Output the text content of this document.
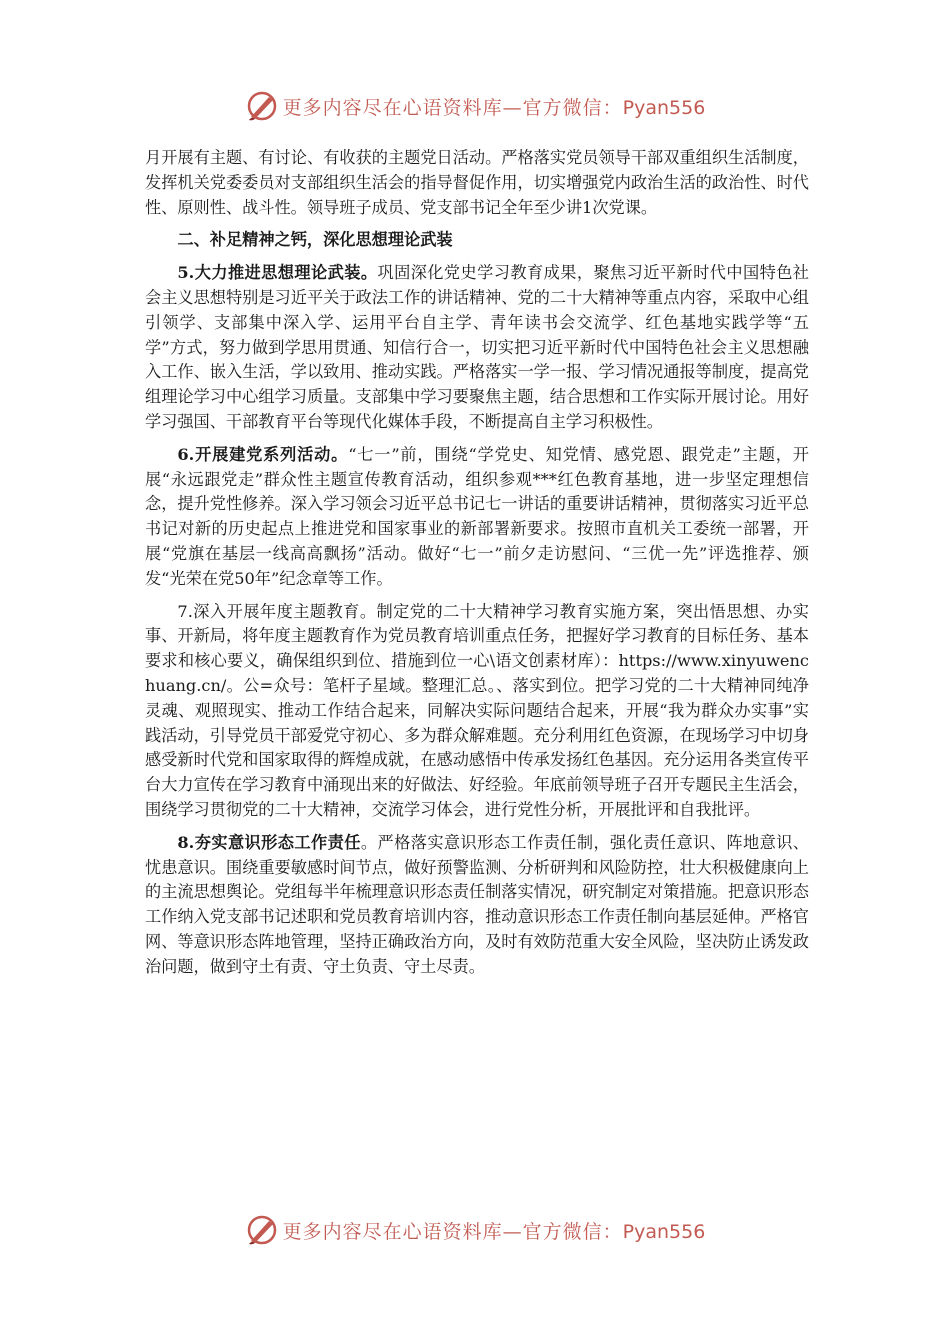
更多内容尽在心语资料库—官方微信：Pyan556

月开展有主题、有讨论、有收获的主题党日活动。严格落实党员领导干部双重组织生活制度，发挥机关党委委员对支部组织生活会的指导督促作用，切实增强党内政治生活的政治性、时代性、原则性、战斗性。领导班子成员、党支部书记全年至少讲1次党课。

二、补足精神之钙，深化思想理论武装

5.大力推进思想理论武装。巩固深化党史学习教育成果，聚焦习近平新时代中国特色社会主义思想特别是习近平关于政法工作的讲话精神、党的二十大精神等重点内容，采取中心组引领学、支部集中深入学、运用平台自主学、青年读书会交流学、红色基地实践学等“五学”方式，努力做到学思用贯通、知信行合一，切实把习近平新时代中国特色社会主义思想融入工作、嵌入生活，学以致用、推动实践。严格落实一学一报、学习情况通报等制度，提高党组理论学习中心组学习质量。支部集中学习要聚焦主题，结合思想和工作实际开展讨论。用好学习强国、干部教育平台等现代化媒体手段，不断提高自主学习积极性。

6.开展建党系列活动。“七一”前，围绕“学党史、知党情、感党恩、跟党走”主题，开展“永远跟党走”群众性主题宣传教育活动，组织参观***红色教育基地，进一步坚定理想信念，提升党性修养。深入学习领会习近平总书记七一讲话的重要讲话精神，贯彻落实习近平总书记对新的历史起点上推进党和国家事业的新部署新要求。按照市直机关工委统一部署，开展“党旗在基层一线高高飘扬”活动。做好“七一”前夕走访慰问、“三优一先”评选推荐、颁发“光荣在党50年”纪念章等工作。

7.深入开展年度主题教育。制定党的二十大精神学习教育实施方案，突出悟思想、办实事、开新局，将年度主题教育作为党员教育培训重点任务，把握好学习教育的目标任务、基本要求和核心要义，确保组织到位、措施到位一心\语文创素材库）：https://www.xinyuwenchuang.cn/。公=众号：笔杆子星域。整理汇总。、落实到位。把学习党的二十大精神同纯净灵魂、观照现实、推动工作结合起来，同解决实际问题结合起来，开展“我为群众办实事”实践活动，引导党员干部爱党守初心、多为群众解难题。充分利用红色资源，在现场学习中切身感受新时代党和国家取得的辉煌成就，在感动感悟中传承发扬红色基因。充分运用各类宣传平台大力宣传在学习教育中涌现出来的好做法、好经验。年底前领导班子召开专题民主生活会，围绕学习贯彻党的二十大精神，交流学习体会，进行党性分析，开展批评和自我批评。

8.夯实意识形态工作责任。严格落实意识形态工作责任制，强化责任意识、阵地意识、忧患意识。围绕重要敏感时间节点，做好预警监测、分析研判和风险防控，壮大积极健康向上的主流思想舆论。党组每半年梳理意识形态责任制落实情况，研究制定对策措施。把意识形态工作纳入党支部书记述职和党员教育培训内容，推动意识形态工作责任制向基层延伸。严格官网、等意识形态阵地管理，坚持正确政治方向，及时有效防范重大安全风险，坚决防止诱发政治问题，做到守土有责、守土负责、守土尽责。

更多内容尽在心语资料库—官方微信：Pyan556
